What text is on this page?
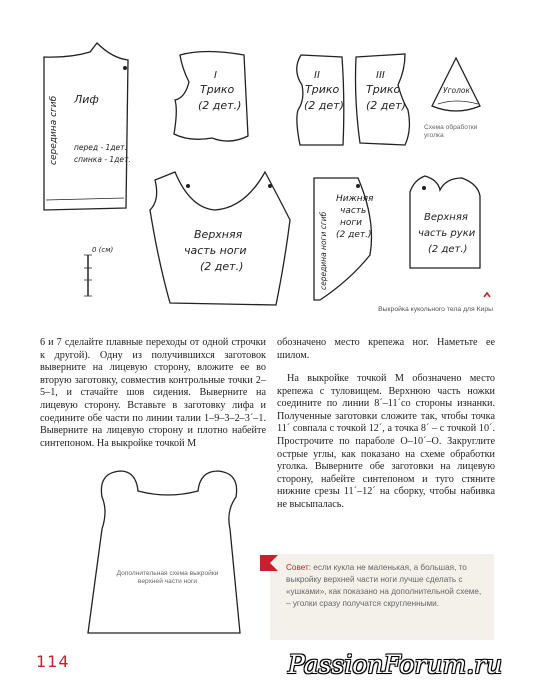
Лиф
середина сгиб перед - 1дет.
спинка - 1дет.
I
Трико
(2 дет.)
II
Трико
(2 дет)
III
Трико
(2 дет)
Уголок
Верхняя
часть ноги
(2 дет.)
Нижняя
часть
ноги
(2 дет.)
середина ноги сгиб	Верхняя
часть руки
(2 дет.)
0 (см)
Схема обработки уголка
Выкройка кукольного тела для Киры

6 и 7 сделайте плавные переходы от одной строчки к другой). Одну из получившихся заготовок выверните на лицевую сторону, вложите ее во вторую заготовку, совместив контрольные точки 2–5–1, и стачайте шов сидения. Выверните на лицевую сторону. Вставьте в заготовку лифа и соедините обе части по линии талии 1–9–3–2–3´–1. Выверните на лицевую сторону и плотно набейте синтепоном. На выкройке точкой М

обозначено место крепежа ног. Наметьте ее шилом.

На выкройке точкой М обозначено место крепежа с туловищем. Верхнюю часть ножки соедините по линии 8´–11´со стороны изнанки. Полученные заготовки сложите так, чтобы точка 11´ совпала с точкой 12´, а точка 8´ – с точкой 10´. Прострочите по параболе О–10´–О. Закруглите острые углы, как показано на схеме обработки уголка. Выверните обе заготовки на лицевую сторону, набейте синтепоном и туго стяните нижние срезы 11´–12´ на сборку, чтобы набивка не высыпалась.

Дополнительная схема выкройки верхней части ноги
Совет: если кукла не маленькая, а большая, то выкройку верхней части ноги лучше сделать с «ушками», как показано на дополнительной схеме, – уголки сразу получатся скругленными.
114	PassionForum.ru
